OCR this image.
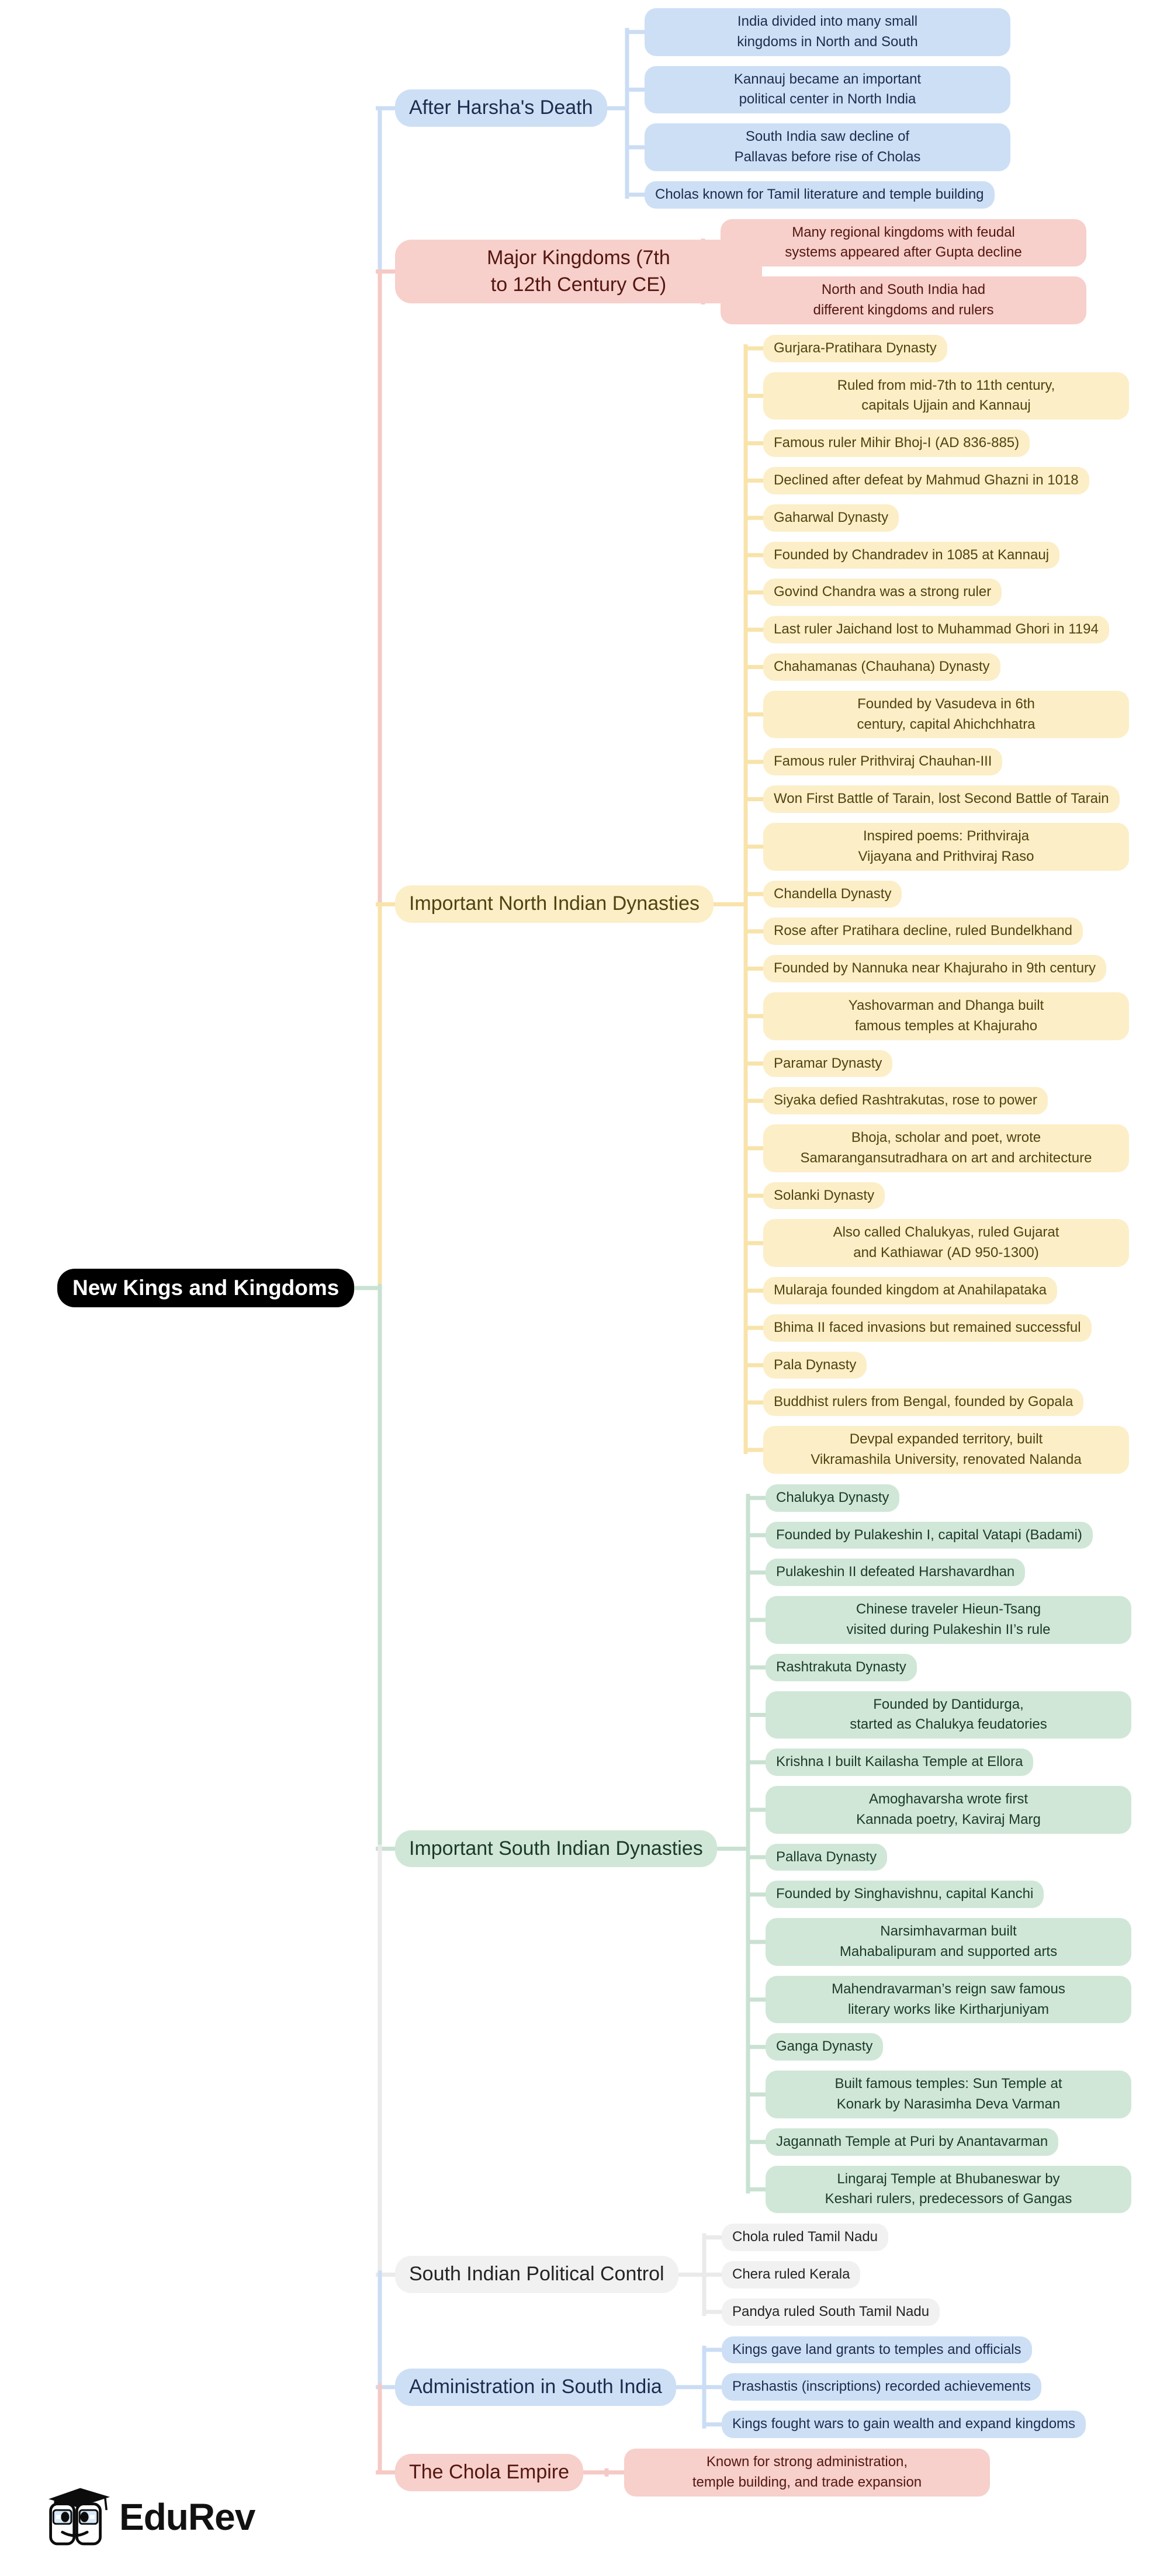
After Harsha's Death
India divided into many small kingdoms in North and South
Kannauj became an important political center in North India
South India saw decline of Pallavas before rise of Cholas
Cholas known for Tamil literature and temple building
Major Kingdoms (7th to 12th Century CE)
Many regional kingdoms with feudal systems appeared after Gupta decline
North and South India had different kingdoms and rulers
Important North Indian Dynasties
Gurjara-Pratihara Dynasty
Ruled from mid-7th to 11th century, capitals Ujjain and Kannauj
Famous ruler Mihir Bhoj-I (AD 836-885)
Declined after defeat by Mahmud Ghazni in 1018
Gaharwal Dynasty
Founded by Chandradev in 1085 at Kannauj
Govind Chandra was a strong ruler
Last ruler Jaichand lost to Muhammad Ghori in 1194
Chahamanas (Chauhana) Dynasty
Founded by Vasudeva in 6th century, capital Ahichchhatra
Famous ruler Prithviraj Chauhan-III
Won First Battle of Tarain, lost Second Battle of Tarain
Inspired poems: Prithviraja Vijayana and Prithviraj Raso
Chandella Dynasty
Rose after Pratihara decline, ruled Bundelkhand
Founded by Nannuka near Khajuraho in 9th century
Yashovarman and Dhanga built famous temples at Khajuraho
Paramar Dynasty
Siyaka defied Rashtrakutas, rose to power
Bhoja, scholar and poet, wrote Samarangansutradhara on art and architecture
Solanki Dynasty
Also called Chalukyas, ruled Gujarat and Kathiawar (AD 950-1300)
Mularaja founded kingdom at Anahilapataka
Bhima II faced invasions but remained successful
Pala Dynasty
Buddhist rulers from Bengal, founded by Gopala
Devpal expanded territory, built Vikramashila University, renovated Nalanda
Important South Indian Dynasties
Chalukya Dynasty
Founded by Pulakeshin I, capital Vatapi (Badami)
Pulakeshin II defeated Harshavardhan
Chinese traveler Hieun-Tsang visited during Pulakeshin II’s rule
Rashtrakuta Dynasty
Founded by Dantidurga, started as Chalukya feudatories
Krishna I built Kailasha Temple at Ellora
Amoghavarsha wrote first Kannada poetry, Kaviraj Marg
Pallava Dynasty
Founded by Singhavishnu, capital Kanchi
Narsimhavarman built Mahabalipuram and supported arts
Mahendravarman’s reign saw famous literary works like Kirtharjuniyam
Ganga Dynasty
Built famous temples: Sun Temple at Konark by Narasimha Deva Varman
Jagannath Temple at Puri by Anantavarman
Lingaraj Temple at Bhubaneswar by Keshari rulers, predecessors of Gangas
South Indian Political Control
Chola ruled Tamil Nadu
Chera ruled Kerala
Pandya ruled South Tamil Nadu
Administration in South India
Kings gave land grants to temples and officials
Prashastis (inscriptions) recorded achievements
Kings fought wars to gain wealth and expand kingdoms
The Chola Empire	Known for strong administration, temple building, and trade expansion
New Kings and Kingdoms
EduRev
